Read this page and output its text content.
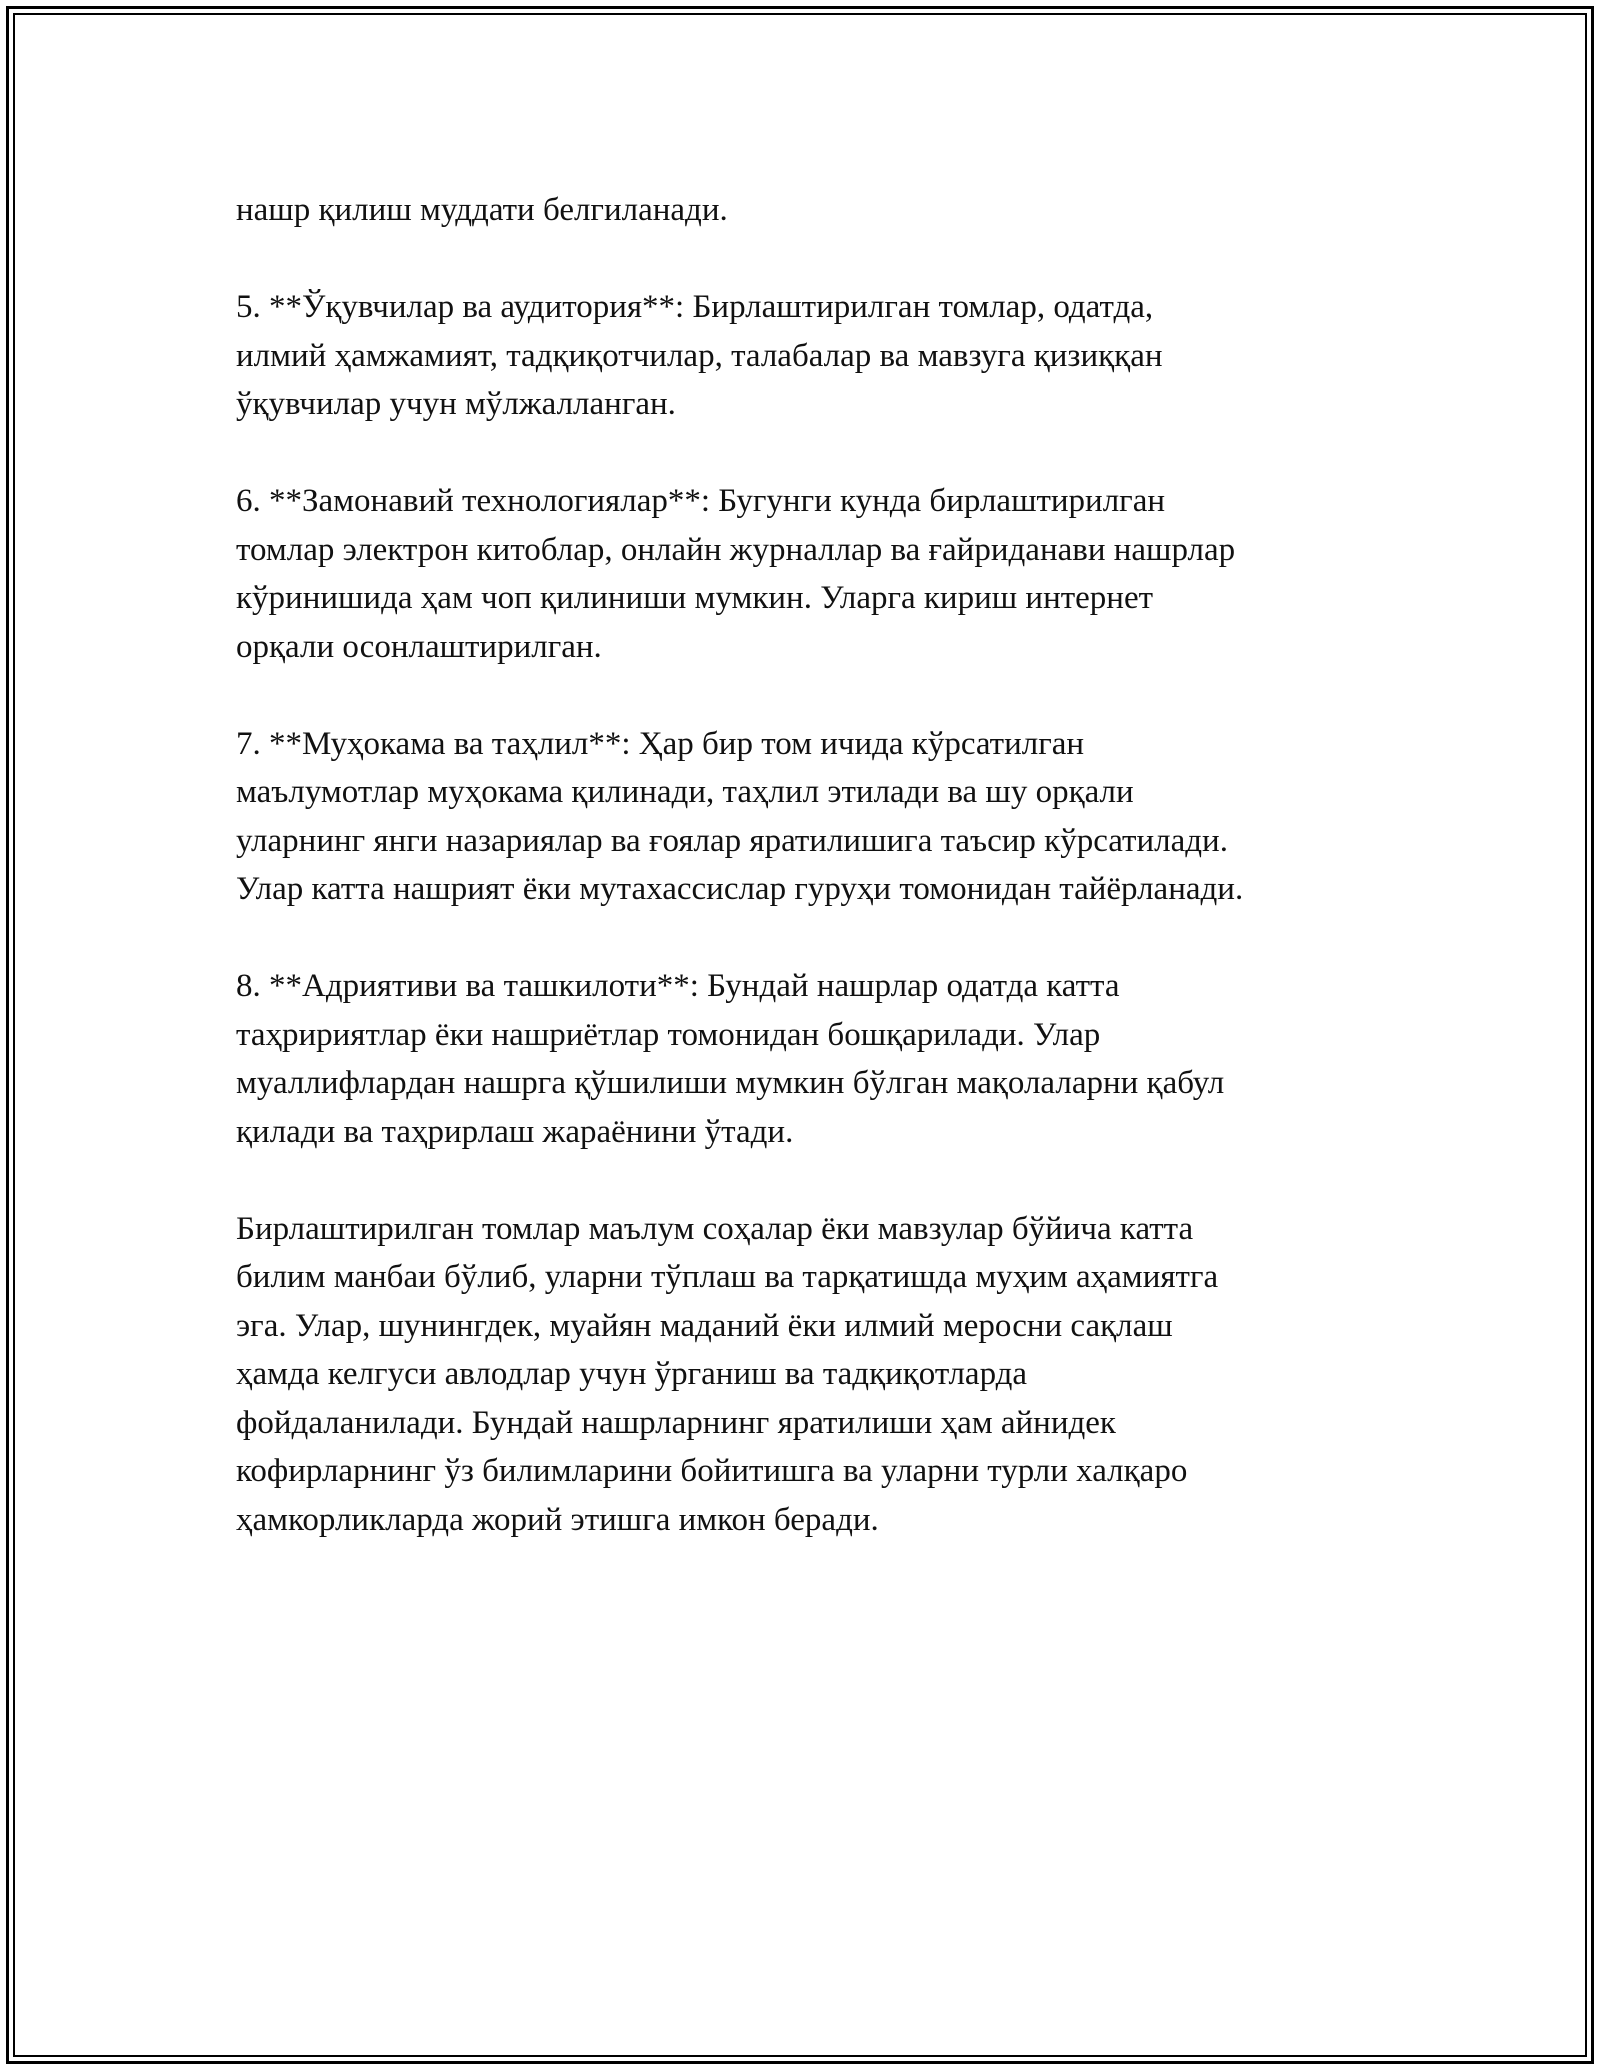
нашр қилиш муддати белгиланади.

5. **Ўқувчилар ва аудитория**: Бирлаштирилган томлар, одатда,
илмий ҳамжамият, тадқиқотчилар, талабалар ва мавзуга қизиққан
ўқувчилар учун мўлжалланган.

6. **Замонавий технологиялар**: Бугунги кунда бирлаштирилган
томлар электрон китоблар, онлайн журналлар ва ғайриданави нашрлар
кўринишида ҳам чоп қилиниши мумкин. Уларга кириш интернет
орқали осонлаштирилган.

7. **Муҳокама ва таҳлил**: Ҳар бир том ичида кўрсатилган
маълумотлар муҳокама қилинади, таҳлил этилади ва шу орқали
уларнинг янги назариялар ва ғоялар яратилишига таъсир кўрсатилади.
Улар катта нашрият ёки мутахассислар гуруҳи томонидан тайёрланади.

8. **Адриятиви ва ташкилоти**: Бундай нашрлар одатда катта
таҳририятлар ёки нашриётлар томонидан бошқарилади. Улар
муаллифлардан нашрга қўшилиши мумкин бўлган мақолаларни қабул
қилади ва таҳрирлаш жараёнини ўтади.

Бирлаштирилган томлар маълум соҳалар ёки мавзулар бўйича катта
билим манбаи бўлиб, уларни тўплаш ва тарқатишда муҳим аҳамиятга
эга. Улар, шунингдек, муайян маданий ёки илмий меросни сақлаш
ҳамда келгуси авлодлар учун ўрганиш ва тадқиқотларда
фойдаланилади. Бундай нашрларнинг яратилиши ҳам айнидек
кофирларнинг ўз билимларини бойитишга ва уларни турли халқаро
ҳамкорликларда жорий этишга имкон беради.
